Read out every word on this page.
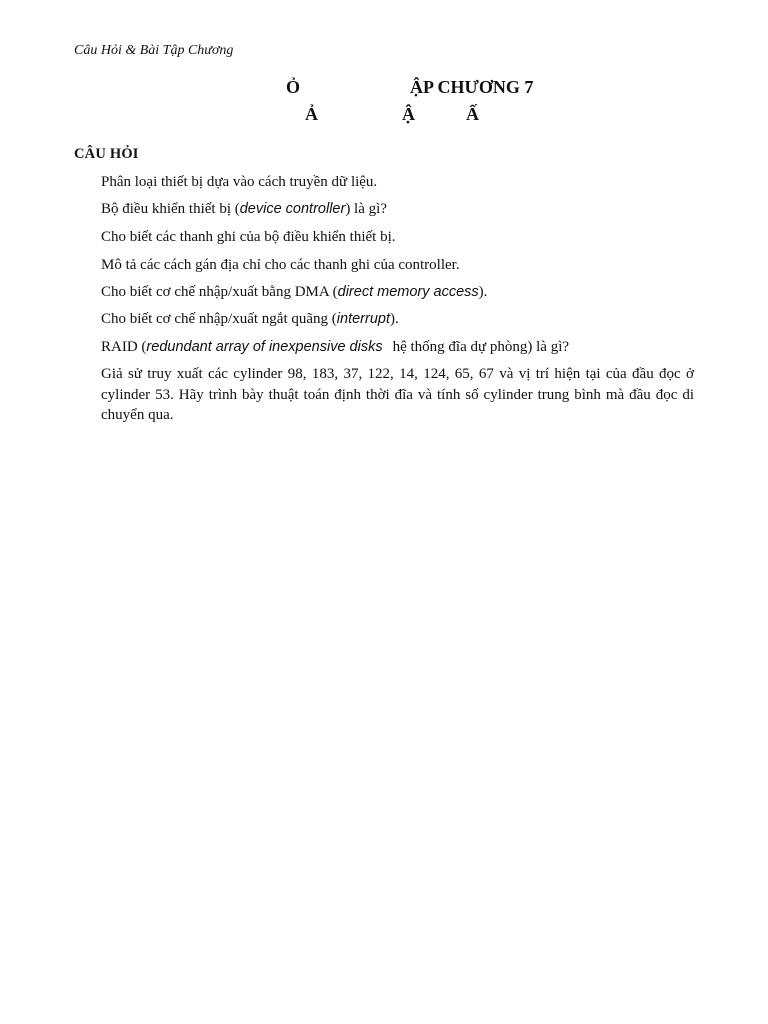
Câu Hỏi & Bài Tập Chương
Ỏ	ẬP CHƯƠNG 7
Ả	Ậ	Ấ
CÂU HỎI
Phân loại thiết bị dựa vào cách truyền dữ liệu.
Bộ điều khiển thiết bị (device controller) là gì?
Cho biết các thanh ghi của bộ điều khiển thiết bị.
Mô tả các cách gán địa chỉ cho các thanh ghi của controller.
Cho biết cơ chế nhập/xuất bằng DMA (direct memory access).
Cho biết cơ chế nhập/xuất ngắt quãng (interrupt).
RAID (redundant array of inexpensive disks hệ thống đĩa dự phòng) là gì?
Giả sử truy xuất các cylinder 98, 183, 37, 122, 14, 124, 65, 67 và vị trí hiện tại của đầu đọc ở cylinder 53. Hãy trình bày thuật toán định thời đĩa và tính số cylinder trung bình mà đầu đọc di chuyển qua.
